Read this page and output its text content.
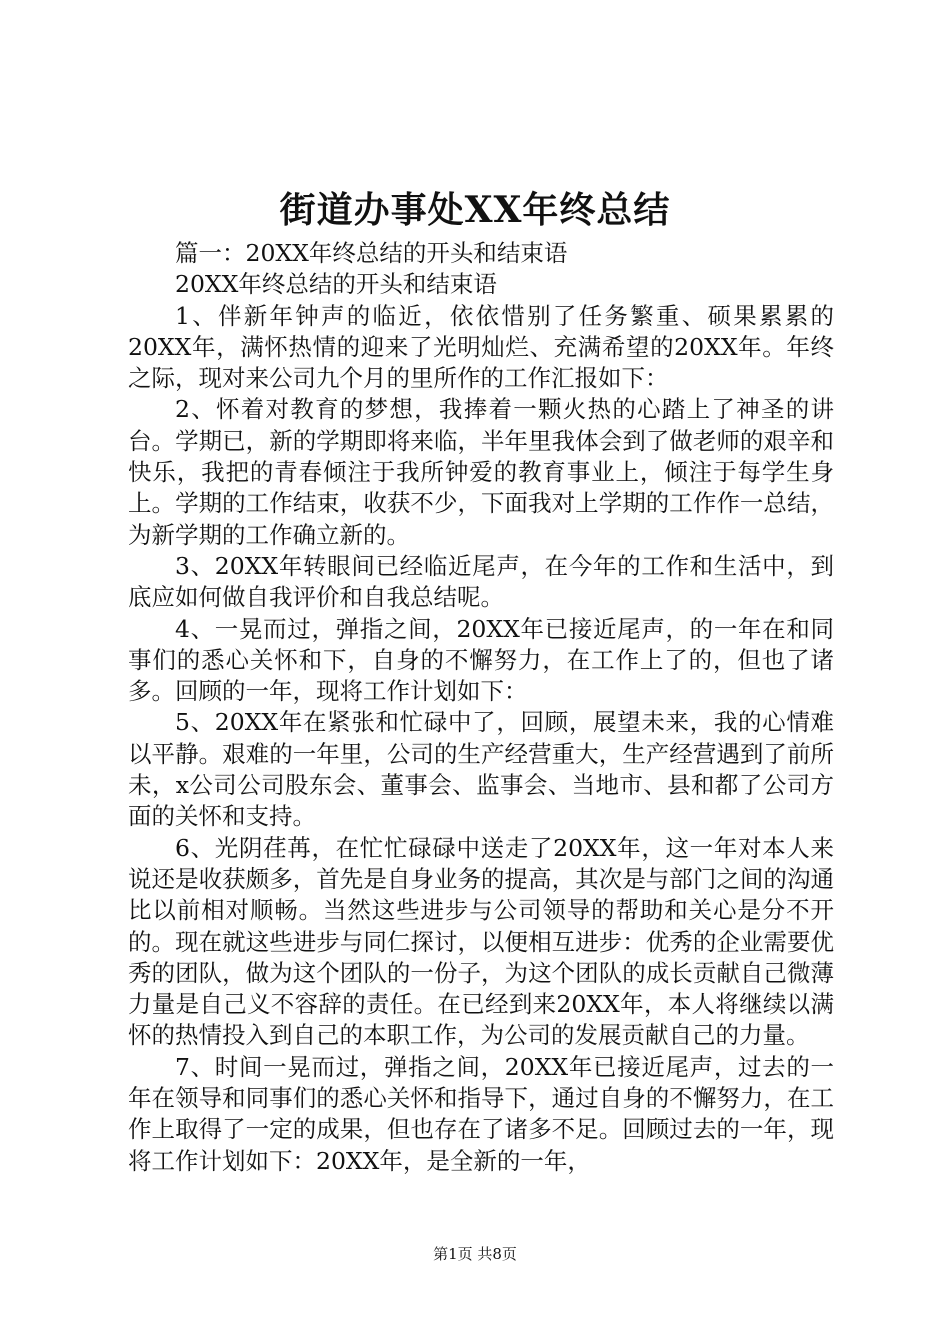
街道办事处XX年终总结

篇一：20XX年终总结的开头和结束语

20XX年终总结的开头和结束语

1、伴新年钟声的临近，依依惜别了任务繁重、硕果累累的20XX年，满怀热情的迎来了光明灿烂、充满希望的20XX年。年终之际，现对来公司九个月的里所作的工作汇报如下：

2、怀着对教育的梦想，我捧着一颗火热的心踏上了神圣的讲台。学期已，新的学期即将来临，半年里我体会到了做老师的艰辛和快乐，我把的青春倾注于我所钟爱的教育事业上，倾注于每学生身上。学期的工作结束，收获不少，下面我对上学期的工作作一总结，为新学期的工作确立新的。

3、20XX年转眼间已经临近尾声，在今年的工作和生活中，到底应如何做自我评价和自我总结呢。

4、一晃而过，弹指之间，20XX年已接近尾声，的一年在和同事们的悉心关怀和下，自身的不懈努力，在工作上了的，但也了诸多。回顾的一年，现将工作计划如下：

5、20XX年在紧张和忙碌中了，回顾，展望未来，我的心情难以平静。艰难的一年里，公司的生产经营重大，生产经营遇到了前所未，x公司公司股东会、董事会、监事会、当地市、县和都了公司方面的关怀和支持。

6、光阴荏苒，在忙忙碌碌中送走了20XX年，这一年对本人来说还是收获颇多，首先是自身业务的提高，其次是与部门之间的沟通比以前相对顺畅。当然这些进步与公司领导的帮助和关心是分不开的。现在就这些进步与同仁探讨，以便相互进步：优秀的企业需要优秀的团队，做为这个团队的一份子，为这个团队的成长贡献自己微薄力量是自己义不容辞的责任。在已经到来20XX年，本人将继续以满怀的热情投入到自己的本职工作，为公司的发展贡献自己的力量。

7、时间一晃而过，弹指之间，20XX年已接近尾声，过去的一年在领导和同事们的悉心关怀和指导下，通过自身的不懈努力，在工作上取得了一定的成果，但也存在了诸多不足。回顾过去的一年，现将工作计划如下：20XX年，是全新的一年，

第1页 共8页
